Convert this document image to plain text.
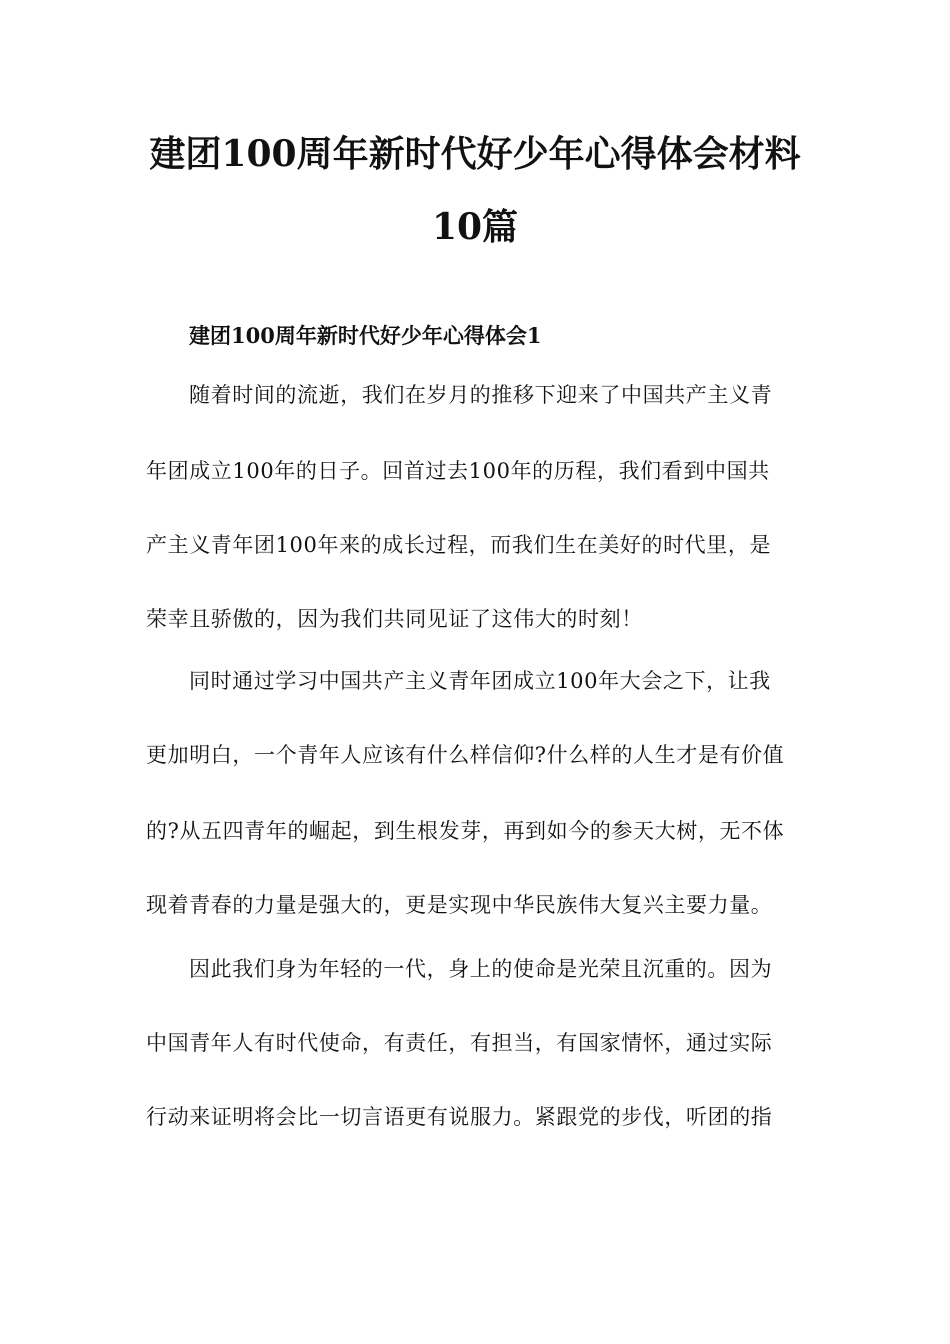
建团100周年新时代好少年心得体会材料
10篇
建团100周年新时代好少年心得体会1
随着时间的流逝，我们在岁月的推移下迎来了中国共产主义青
年团成立100年的日子。回首过去100年的历程，我们看到中国共
产主义青年团100年来的成长过程，而我们生在美好的时代里，是
荣幸且骄傲的，因为我们共同见证了这伟大的时刻！
同时通过学习中国共产主义青年团成立100年大会之下，让我
更加明白，一个青年人应该有什么样信仰?什么样的人生才是有价值
的?从五四青年的崛起，到生根发芽，再到如今的参天大树，无不体
现着青春的力量是强大的，更是实现中华民族伟大复兴主要力量。
因此我们身为年轻的一代，身上的使命是光荣且沉重的。因为
中国青年人有时代使命，有责任，有担当，有国家情怀，通过实际
行动来证明将会比一切言语更有说服力。紧跟党的步伐，听团的指
